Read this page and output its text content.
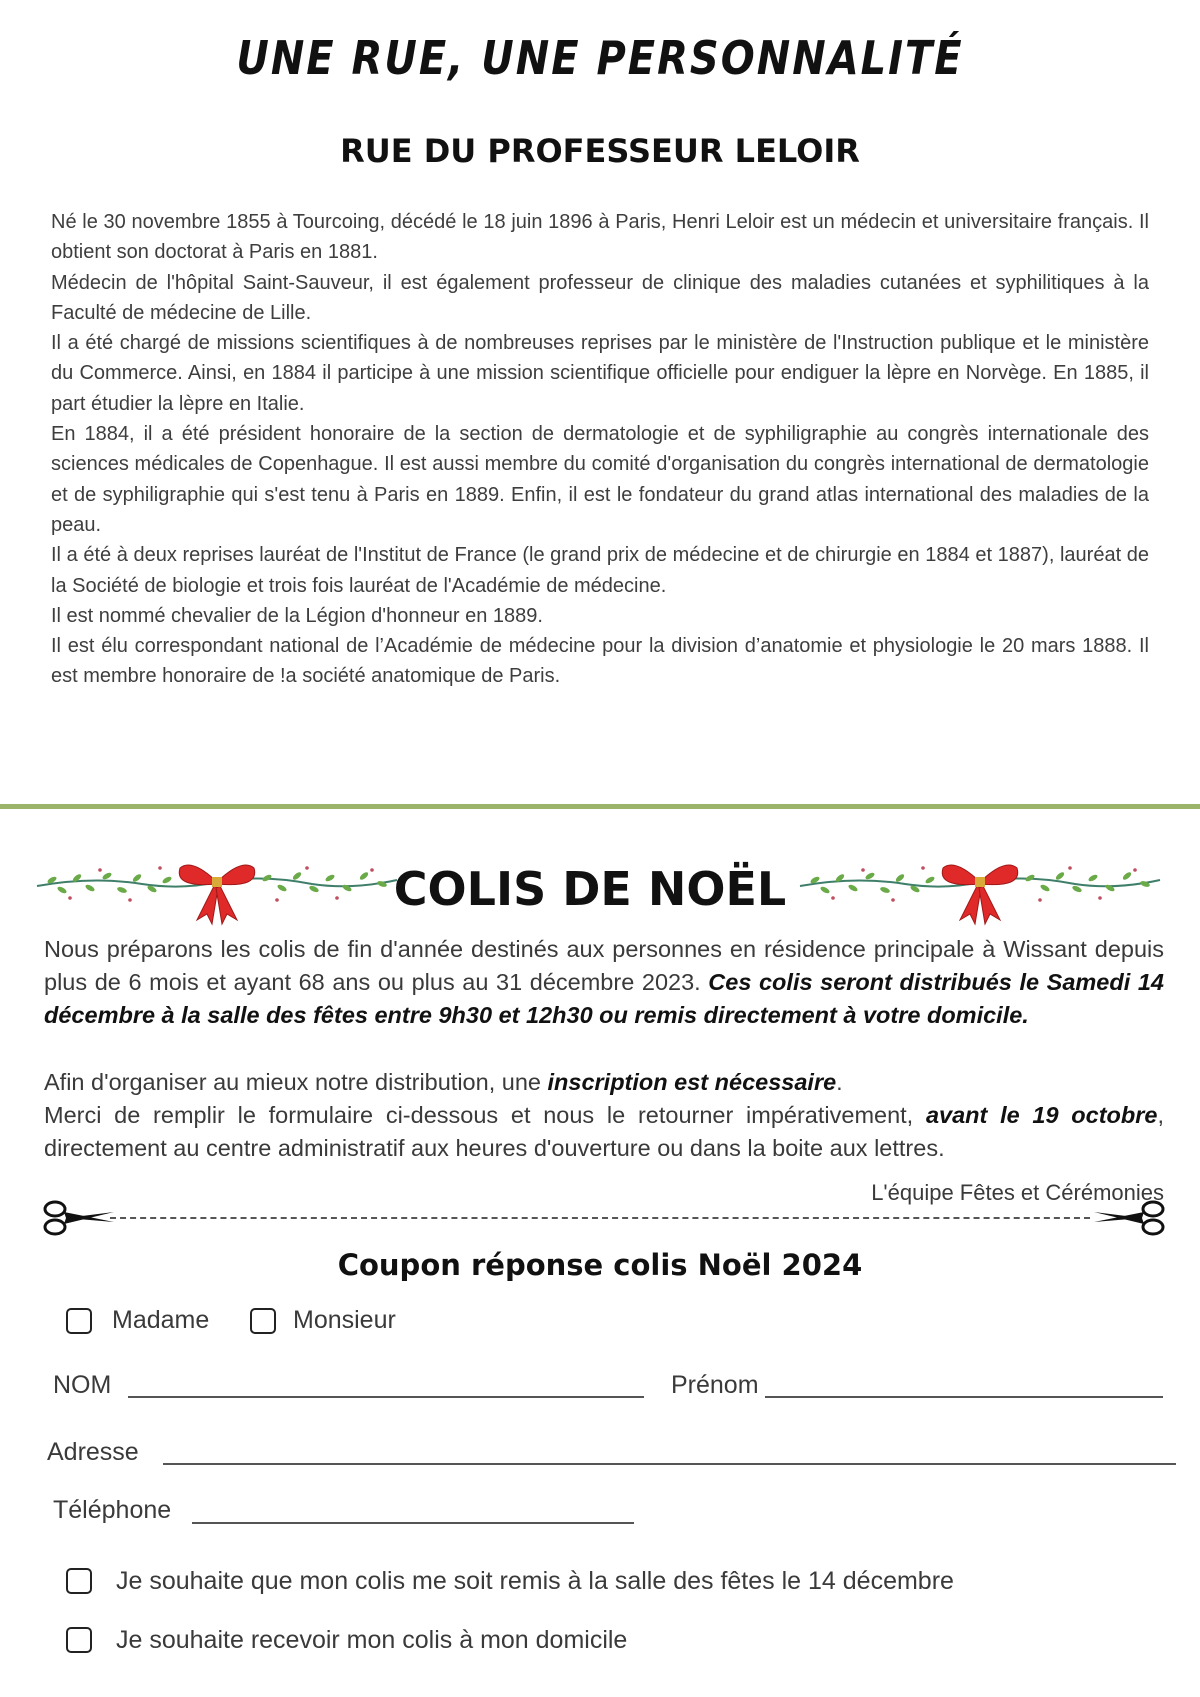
UNE RUE, UNE PERSONNALITÉ
RUE DU PROFESSEUR LELOIR

Né le 30 novembre 1855 à Tourcoing, décédé le 18 juin 1896 à Paris, Henri Leloir est un médecin et universitaire français. Il obtient son doctorat à Paris en 1881.

Médecin de l'hôpital Saint-Sauveur, il est également professeur de clinique des maladies cutanées et syphilitiques à la Faculté de médecine de Lille.

Il a été chargé de missions scientifiques à de nombreuses reprises par le ministère de l'Instruction publique et le ministère du Commerce. Ainsi, en 1884 il participe à une mission scientifique officielle pour endiguer la lèpre en Norvège. En 1885, il part étudier la lèpre en Italie.

En 1884, il a été président honoraire de la section de dermatologie et de syphiligraphie au congrès internationale des sciences médicales de Copenhague. Il est aussi membre du comité d'organisation du congrès international de dermatologie et de syphiligraphie qui s'est tenu à Paris en 1889. Enfin, il est le fondateur du grand atlas international des maladies de la peau.

Il a été à deux reprises lauréat de l'Institut de France (le grand prix de médecine et de chirurgie en 1884 et 1887), lauréat de la Société de biologie et trois fois lauréat de l'Académie de médecine.

Il est nommé chevalier de la Légion d'honneur en 1889.

Il est élu correspondant national de l’Académie de médecine pour la division d’anatomie et physiologie le 20 mars 1888. Il est membre honoraire de !a société anatomique de Paris.

COLIS DE NOËL
Nous préparons les colis de fin d'année destinés aux personnes en résidence principale à Wissant depuis plus de 6 mois et ayant 68 ans ou plus au 31 décembre 2023. Ces colis seront distribués le Samedi 14 décembre à la salle des fêtes entre 9h30 et 12h30 ou remis directement à votre domicile.
Afin d'organiser au mieux notre distribution, une inscription est nécessaire.
Merci de remplir le formulaire ci-dessous et nous le retourner impérativement, avant le 19 octobre, directement au centre administratif aux heures d'ouverture ou dans la boite aux lettres.
L'équipe Fêtes et Cérémonies
Coupon réponse colis Noël 2024
Madame	Monsieur
NOM	Prénom
Adresse
Téléphone
Je souhaite que mon colis me soit remis à la salle des fêtes le 14 décembre
Je souhaite recevoir mon colis à mon domicile
